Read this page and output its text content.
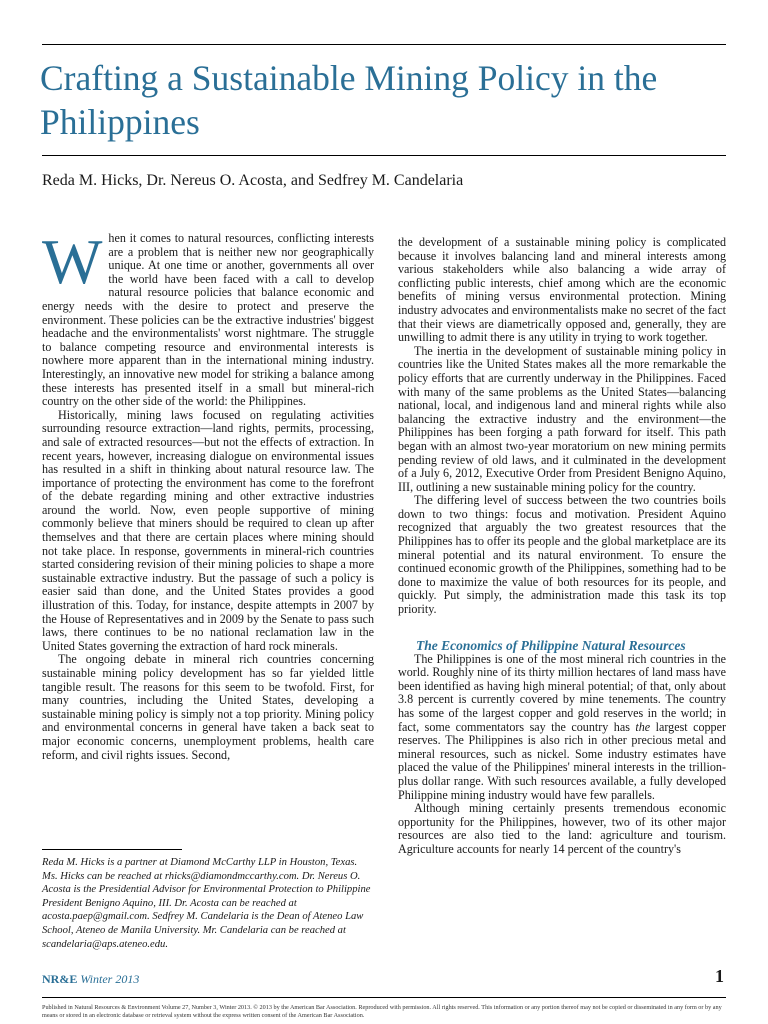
Crafting a Sustainable Mining Policy in the Philippines

Reda M. Hicks, Dr. Nereus O. Acosta, and Sedfrey M. Candelaria

When it comes to natural resources, conflicting interests are a problem that is neither new nor geographically unique. At one time or another, governments all over the world have been faced with a call to develop natural resource policies that balance economic and energy needs with the desire to protect and preserve the environment. These policies can be the extractive industries' biggest headache and the environmentalists' worst nightmare. The struggle to balance competing resource and environmental interests is nowhere more apparent than in the international mining industry. Interestingly, an innovative new model for striking a balance among these interests has presented itself in a small but mineral-rich country on the other side of the world: the Philippines.

Historically, mining laws focused on regulating activities surrounding resource extraction—land rights, permits, processing, and sale of extracted resources—but not the effects of extraction. In recent years, however, increasing dialogue on environmental issues has resulted in a shift in thinking about natural resource law. The importance of protecting the environment has come to the forefront of the debate regarding mining and other extractive industries around the world. Now, even people supportive of mining commonly believe that miners should be required to clean up after themselves and that there are certain places where mining should not take place. In response, governments in mineral-rich countries started considering revision of their mining policies to shape a more sustainable extractive industry. But the passage of such a policy is easier said than done, and the United States provides a good illustration of this. Today, for instance, despite attempts in 2007 by the House of Representatives and in 2009 by the Senate to pass such laws, there continues to be no national reclamation law in the United States governing the extraction of hard rock minerals.

The ongoing debate in mineral rich countries concerning sustainable mining policy development has so far yielded little tangible result. The reasons for this seem to be twofold. First, for many countries, including the United States, developing a sustainable mining policy is simply not a top priority. Mining policy and environmental concerns in general have taken a back seat to major economic concerns, unemployment problems, health care reform, and civil rights issues. Second,

the development of a sustainable mining policy is complicated because it involves balancing land and mineral interests among various stakeholders while also balancing a wide array of conflicting public interests, chief among which are the economic benefits of mining versus environmental protection. Mining industry advocates and environmentalists make no secret of the fact that their views are diametrically opposed and, generally, they are unwilling to admit there is any utility in trying to work together.

The inertia in the development of sustainable mining policy in countries like the United States makes all the more remarkable the policy efforts that are currently underway in the Philippines. Faced with many of the same problems as the United States—balancing national, local, and indigenous land and mineral rights while also balancing the extractive industry and the environment—the Philippines has been forging a path forward for itself. This path began with an almost two-year moratorium on new mining permits pending review of old laws, and it culminated in the development of a July 6, 2012, Executive Order from President Benigno Aquino, III, outlining a new sustainable mining policy for the country.

The differing level of success between the two countries boils down to two things: focus and motivation. President Aquino recognized that arguably the two greatest resources that the Philippines has to offer its people and the global marketplace are its mineral potential and its natural environment. To ensure the continued economic growth of the Philippines, something had to be done to maximize the value of both resources for its people, and quickly. Put simply, the administration made this task its top priority.

The Economics of Philippine Natural Resources

The Philippines is one of the most mineral rich countries in the world. Roughly nine of its thirty million hectares of land mass have been identified as having high mineral potential; of that, only about 3.8 percent is currently covered by mine tenements. The country has some of the largest copper and gold reserves in the world; in fact, some commentators say the country has the largest copper reserves. The Philippines is also rich in other precious metal and mineral resources, such as nickel. Some industry estimates have placed the value of the Philippines' mineral interests in the trillion-plus dollar range. With such resources available, a fully developed Philippine mining industry would have few parallels.

Although mining certainly presents tremendous economic opportunity for the Philippines, however, two of its other major resources are also tied to the land: agriculture and tourism. Agriculture accounts for nearly 14 percent of the country's

Reda M. Hicks is a partner at Diamond McCarthy LLP in Houston, Texas. Ms. Hicks can be reached at rhicks@diamondmccarthy.com. Dr. Nereus O. Acosta is the Presidential Advisor for Environmental Protection to Philippine President Benigno Aquino, III. Dr. Acosta can be reached at acosta.paep@gmail.com. Sedfrey M. Candelaria is the Dean of Ateneo Law School, Ateneo de Manila University. Mr. Candelaria can be reached at scandelaria@aps.ateneo.edu.

NR&E Winter 2013	1

Published in Natural Resources & Environment Volume 27, Number 3, Winter 2013. © 2013 by the American Bar Association. Reproduced with permission. All rights reserved. This information or any portion thereof may not be copied or disseminated in any form or by any means or stored in an electronic database or retrieval system without the express written consent of the American Bar Association.
